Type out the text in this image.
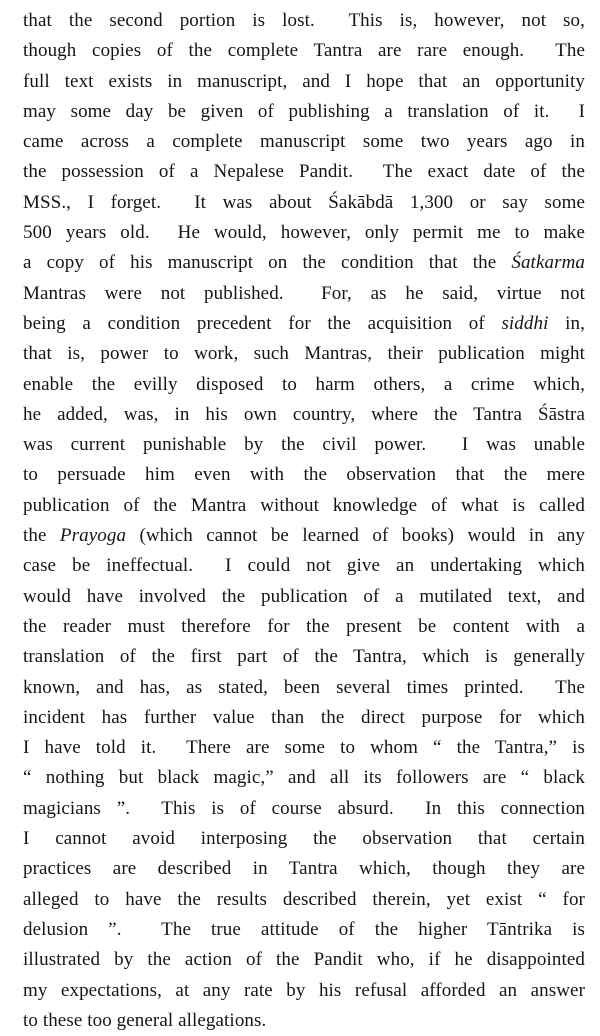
that the second portion is lost.  This is, however, not so,
though copies of the complete Tantra are rare enough.  The
full text exists in manuscript, and I hope that an opportunity
may some day be given of publishing a translation of it.  I
came across a complete manuscript some two years ago in
the possession of a Nepalese Pandit.  The exact date of the
MSS., I forget.  It was about Śakābdā 1,300 or say some
500 years old.  He would, however, only permit me to make
a copy of his manuscript on the condition that the Śatkarma
Mantras were not published.  For, as he said, virtue not
being a condition precedent for the acquisition of siddhi in,
that is, power to work, such Mantras, their publication might
enable the evilly disposed to harm others, a crime which,
he added, was, in his own country, where the Tantra Śāstra
was current punishable by the civil power.  I was unable
to persuade him even with the observation that the mere
publication of the Mantra without knowledge of what is called
the Prayoga (which cannot be learned of books) would in any
case be ineffectual.  I could not give an undertaking which
would have involved the publication of a mutilated text, and
the reader must therefore for the present be content with a
translation of the first part of the Tantra, which is generally
known, and has, as stated, been several times printed.  The
incident has further value than the direct purpose for which
I have told it.  There are some to whom “ the Tantra,” is
“ nothing but black magic,” and all its followers are “ black
magicians ”.  This is of course absurd.  In this connection
I cannot avoid interposing the observation that certain
practices are described in Tantra which, though they are
alleged to have the results described therein, yet exist “ for
delusion ”.  The true attitude of the higher Tāntrika is
illustrated by the action of the Pandit who, if he disappointed
my expectations, at any rate by his refusal afforded an answer
to these too general allegations.
